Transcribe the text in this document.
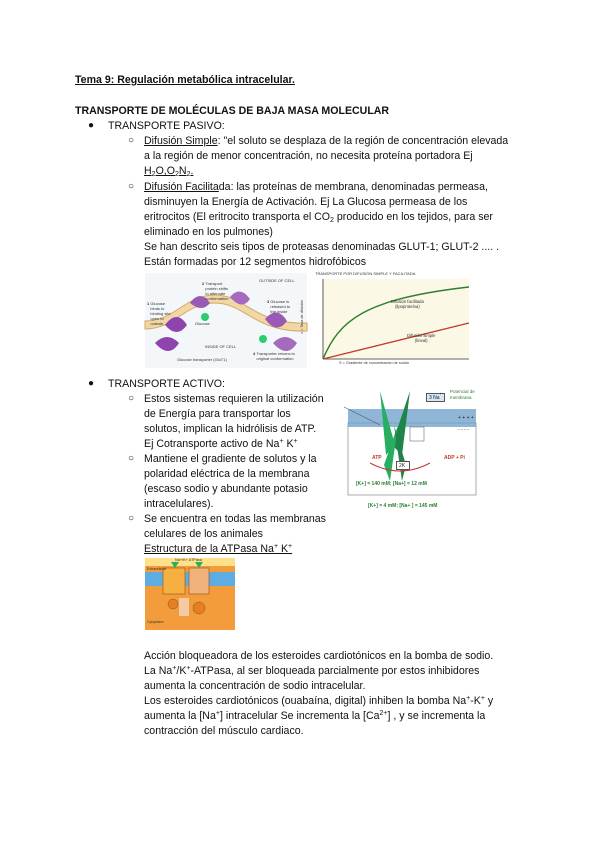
Tema 9: Regulación metabólica intracelular.
TRANSPORTE DE MOLÉCULAS DE BAJA MASA MOLECULAR
● TRANSPORTE PASIVO:
○ Difusión Simple: "el soluto se desplaza de la región de concentración elevada
a la región de menor concentración, no necesita proteína portadora Ej
$H_2O,O_2N_2$.
○ Difusión Facilitada: las proteínas de membrana, denominadas permeasa,
disminuyen la Energía de Activación. Ej La Glucosa permeasa de los
eritrocitos (El eritrocito transporta el $CO_2$ producido en los tejidos, para ser
eliminado en los pulmones)
Se han descrito seis tipos de proteasas denominadas GLUT-1; GLUT-2 .... .
Están formadas por 12 segmentos hidrofóbicos
OUTSIDE OF CELL
INSIDE OF CELL
1 Glucose binds to binding site open to outside
2 Transport protein shifts to alternate conformation
3 Glucose is released to the inside
4 Transporter returns to original conformation
Glucose transporter (GluT1)
Glucose
TRANSPORTE POR DIFUSIÓN SIMPLE Y FACILITADA
Difusión facilitada
(lipoproteína)
Difusión simple
(lineal)
v = Tasa de difusión
S = Gradiente de concentración de soluto
● TRANSPORTE ACTIVO:
○ Estos sistemas requieren la utilización
de Energía para transportar los
solutos, implican la hidrólisis de ATP.
Ej Cotransporte activo de Na+ K+
○ Mantiene el gradiente de solutos y la
polaridad eléctrica de la membrana
(escaso sodio y abundante potasio
intracelulares).
○ Se encuentra en todas las membranas
celulares de los animales
Estructura de la ATPasa Na+ K+
3 Na+
2K+
Potencial de
membrana
+ + + +
- - - -
ATP	ADP + Pi
[K+] = 140 mM; [Na+] = 12 mM
[K+] = 4 mM; [Na+ ] = 145 mM
Na+/K+ ATPasa
Extracellular
Cytoplasm
Acción bloqueadora de los esteroides cardiotónicos en la bomba de sodio.
La Na+/K+-ATPasa, al ser bloqueada parcialmente por estos inhibidores
aumenta la concentración de sodio intracelular.
Los esteroides cardiotónicos (ouabaína, digital) inhiben la bomba Na+-K+ y
aumenta la [Na+] intracelular Se incrementa la $[Ca^{2+}]$ , y se incrementa la
contracción del músculo cardiaco.
